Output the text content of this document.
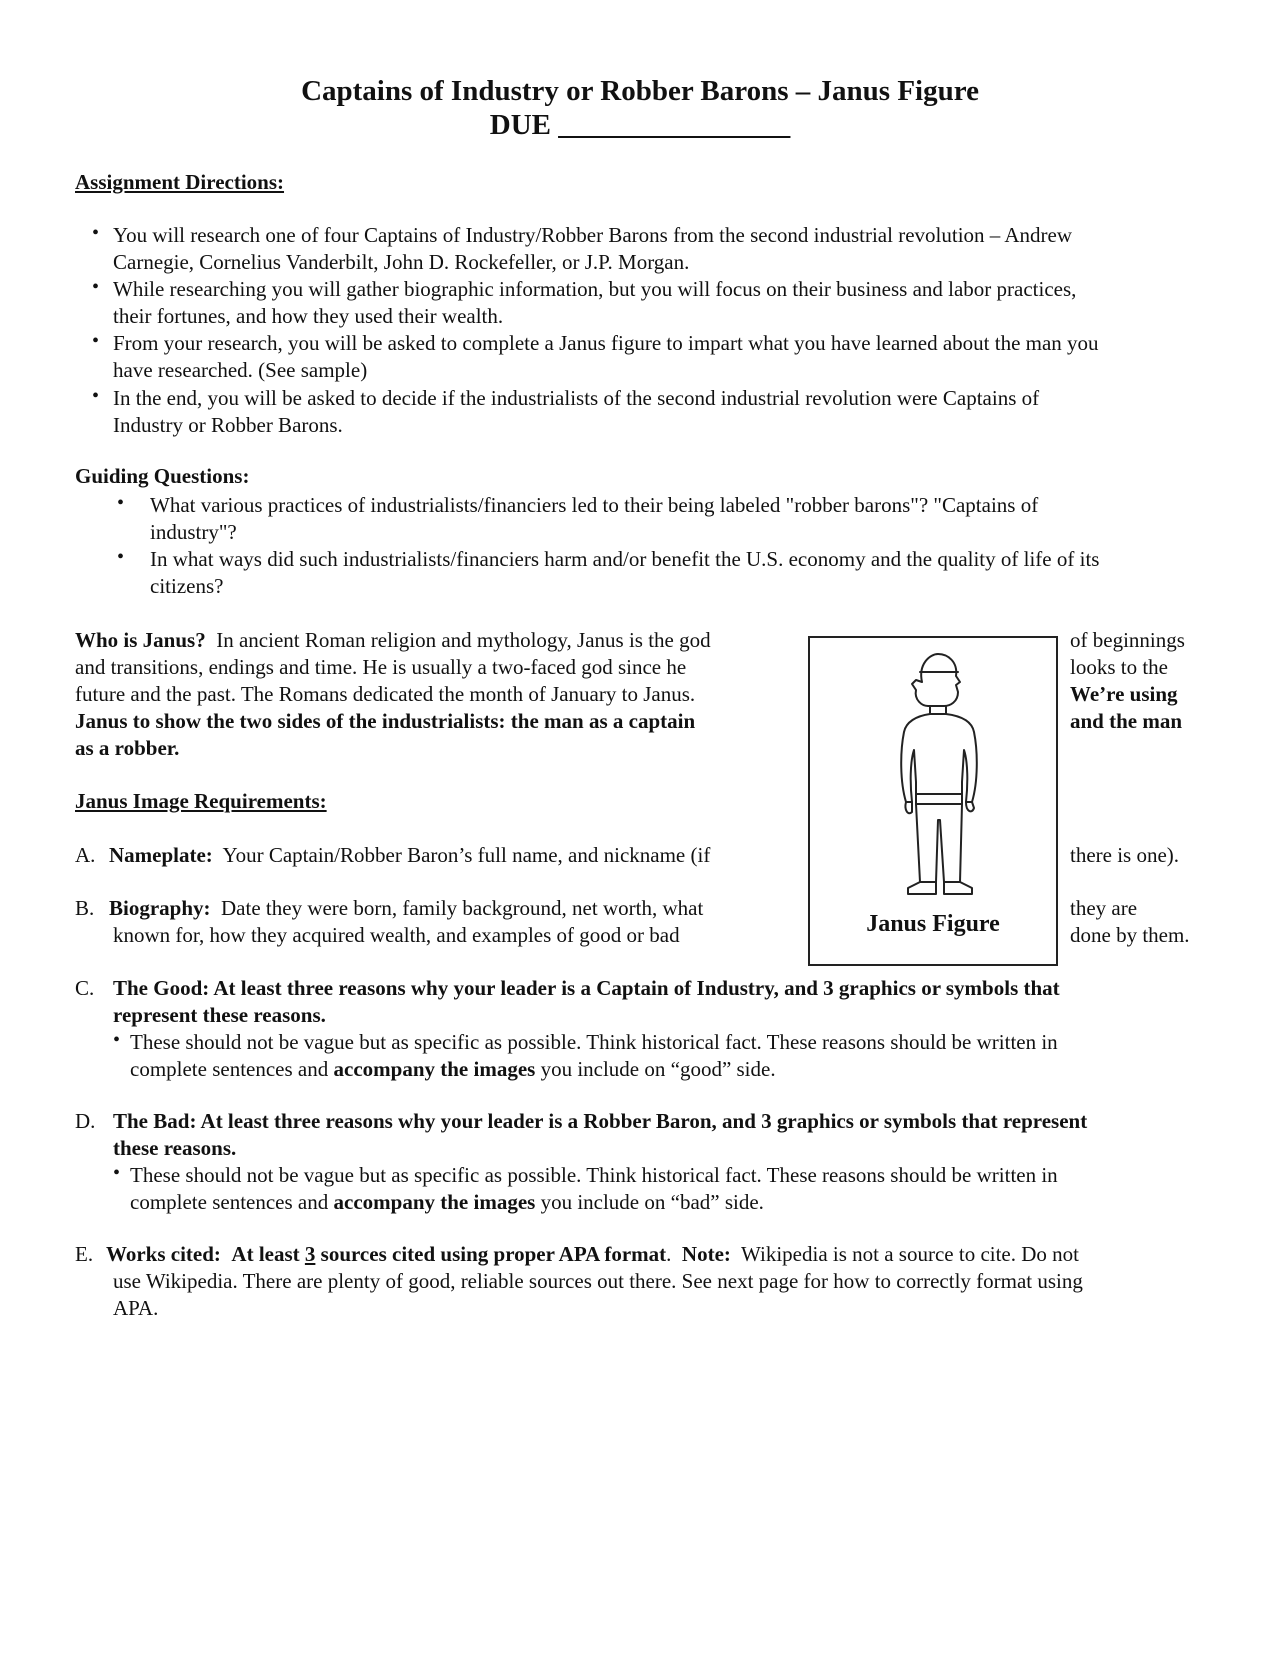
Captains of Industry or Robber Barons – Janus Figure
DUE ________________
Assignment Directions:
• You will research one of four Captains of Industry/Robber Barons from the second industrial revolution – Andrew
Carnegie, Cornelius Vanderbilt, John D. Rockefeller, or J.P. Morgan.
• While researching you will gather biographic information, but you will focus on their business and labor practices,
their fortunes, and how they used their wealth.
• From your research, you will be asked to complete a Janus figure to impart what you have learned about the man you
have researched. (See sample)
• In the end, you will be asked to decide if the industrialists of the second industrial revolution were Captains of
Industry or Robber Barons.
Guiding Questions:
• What various practices of industrialists/financiers led to their being labeled "robber barons"? "Captains of
industry"?
• In what ways did such industrialists/financiers harm and/or benefit the U.S. economy and the quality of life of its
citizens?
Who is Janus? In ancient Roman religion and mythology, Janus is the god	of beginnings
and transitions, endings and time. He is usually a two-faced god since he	looks to the
future and the past. The Romans dedicated the month of January to Janus.	We’re using
Janus to show the two sides of the industrialists: the man as a captain	and the man
as a robber.
Janus Figure
Janus Image Requirements:
A. Nameplate: Your Captain/Robber Baron’s full name, and nickname (if	there is one).
B. Biography: Date they were born, family background, net worth, what	they are
known for, how they acquired wealth, and examples of good or bad	done by them.
C. The Good: At least three reasons why your leader is a Captain of Industry, and 3 graphics or symbols that
represent these reasons.
• These should not be vague but as specific as possible. Think historical fact. These reasons should be written in
complete sentences and accompany the images you include on “good” side.
D. The Bad: At least three reasons why your leader is a Robber Baron, and 3 graphics or symbols that represent
these reasons.
• These should not be vague but as specific as possible. Think historical fact. These reasons should be written in
complete sentences and accompany the images you include on “bad” side.
E. Works cited: At least 3 sources cited using proper APA format.  Note: Wikipedia is not a source to cite. Do not
use Wikipedia. There are plenty of good, reliable sources out there. See next page for how to correctly format using
APA.
